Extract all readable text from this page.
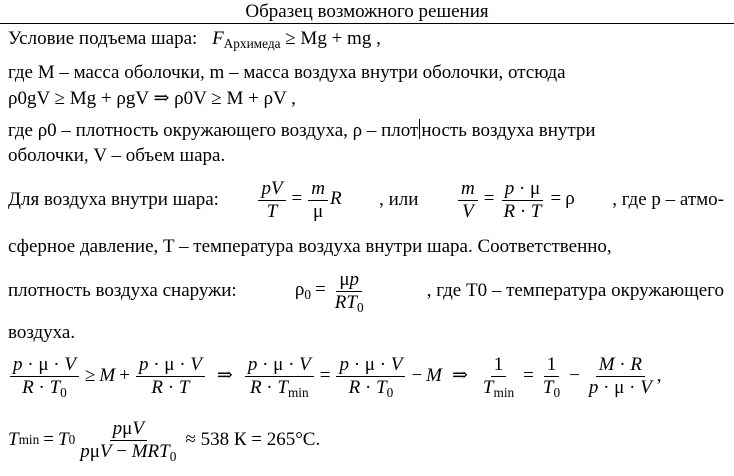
Образец возможного решения
Условие подъема шара: $F_{Архимеда} \ge Mg$ + mg ,
где M – масса оболочки, m – масса воздуха внутри оболочки, отсюда
ρ0gV ≥ Mg + ρgV ⇒ ρ0V ≥ M + ρV ,
где ρ0 – плотность окружающего воздуха, ρ – плот ность воздуха внутри
оболочки, V – объем шара.
Для воздуха внутри шара: $\frac{pV}{T} = \frac{m}{\mu}$ R , или $\frac{m}{V} = \frac{p \cdot \mu}{R \cdot T} = \rho$ , где p – атмо-
сферное давление, T – температура воздуха внутри шара. Соответственно,
плотность воздуха снаружи:	$\rho_0 = \frac{\mu p}{RT_0}$	, где T0 – температура окружающего
воздуха.
$\frac{p \cdot \mu \cdot V}{R \cdot T_0} \ge M + \frac{p \cdot \mu \cdot V}{R \cdot T}$ ⇒ $\frac{p \cdot \mu \cdot V}{R \cdot T_{min}} = \frac{p \cdot \mu \cdot V}{R \cdot T_0} - M$ ⇒ $\frac{1}{T_{min}} = \frac{1}{T_0} - \frac{M \cdot R}{p \cdot \mu \cdot V}$ ,
T min = T $0 \frac{\text{pμV}}{p\mu V - MRT_0} \approx 538$ К = 265°С.
